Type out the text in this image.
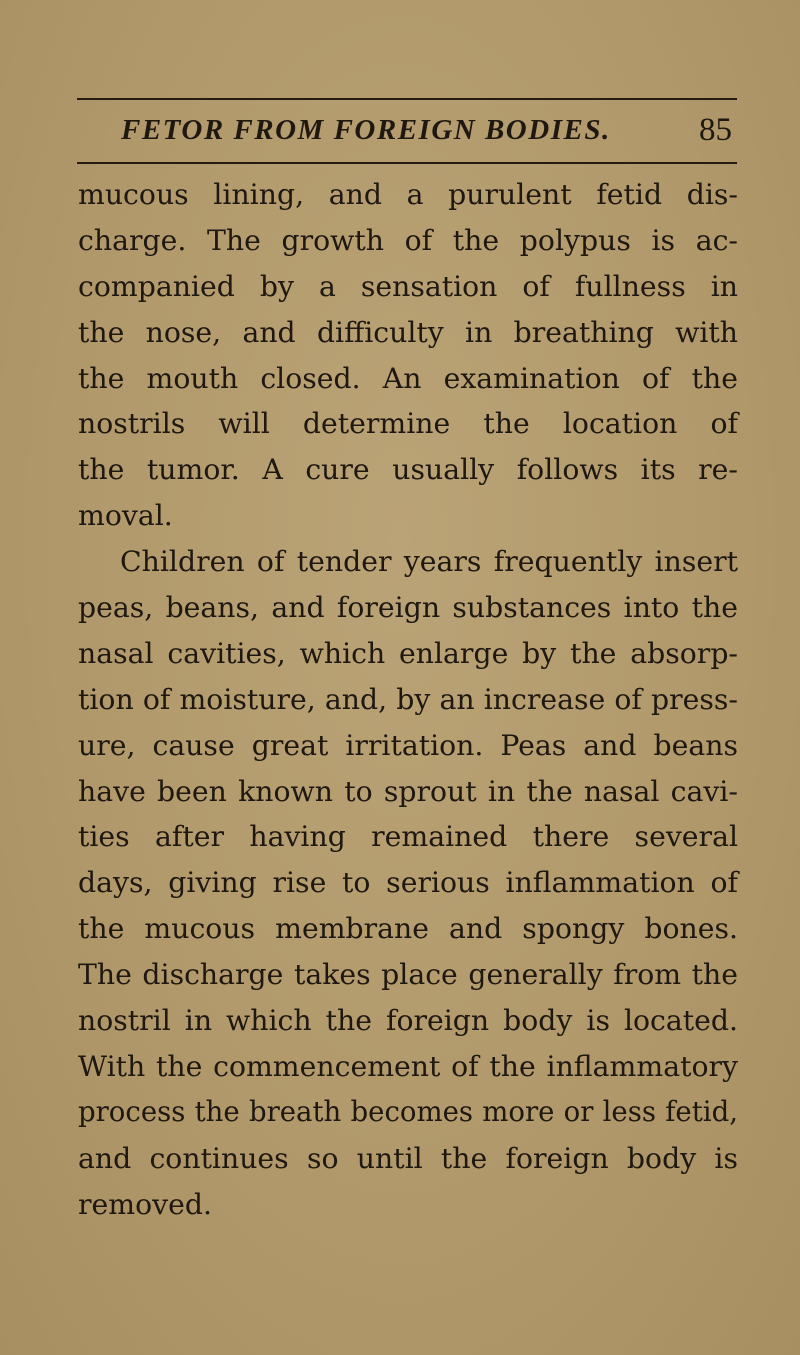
FETOR FROM FOREIGN BODIES.	85
mucous lining, and a purulent fetid dis-
charge. The growth of the polypus is ac-
companied by a sensation of fullness in
the nose, and difficulty in breathing with
the mouth closed. An examination of the
nostrils will determine the location of
the tumor. A cure usually follows its re-
moval.
Children of tender years frequently insert
peas, beans, and foreign substances into the
nasal cavities, which enlarge by the absorp-
tion of moisture, and, by an increase of press-
ure, cause great irritation. Peas and beans
have been known to sprout in the nasal cavi-
ties after having remained there several
days, giving rise to serious inflammation of
the mucous membrane and spongy bones.
The discharge takes place generally from the
nostril in which the foreign body is located.
With the commencement of the inflammatory
process the breath becomes more or less fetid,
and continues so until the foreign body is
removed.
